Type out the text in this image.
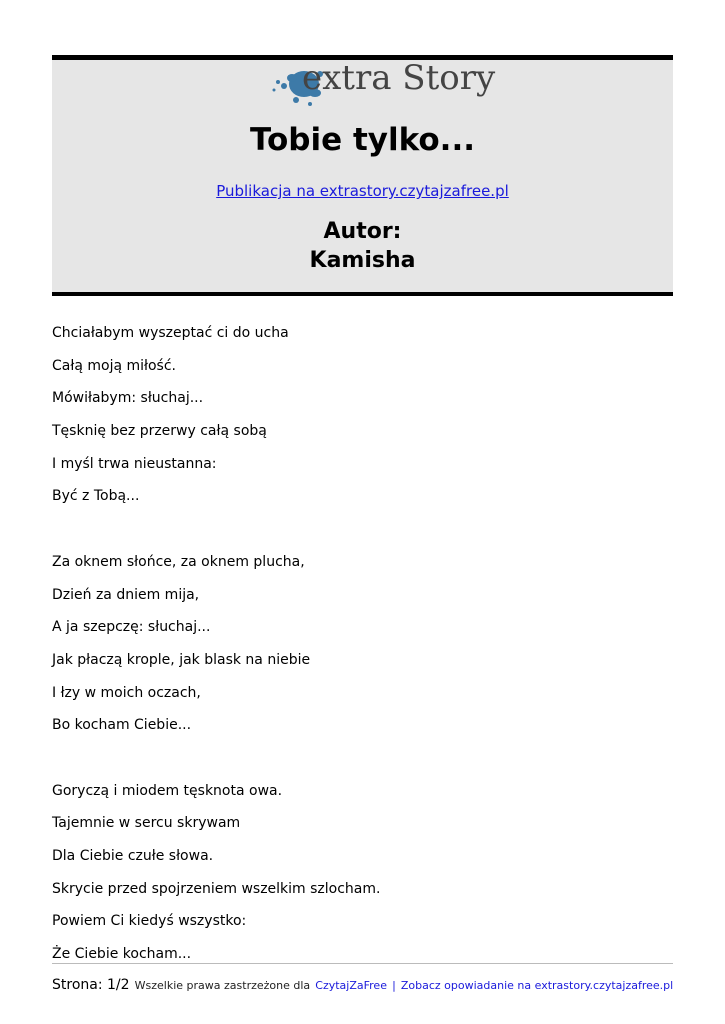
extra Story
Tobie tylko...
Publikacja na extrastory.czytajzafree.pl
Autor:
Kamisha
Chciałabym wyszeptać ci do ucha
Całą moją miłość.
Mówiłabym: słuchaj...
Tęsknię bez przerwy całą sobą
I myśl trwa nieustanna:
Być z Tobą...
Za oknem słońce, za oknem plucha,
Dzień za dniem mija,
A ja szepczę: słuchaj...
Jak płaczą krople, jak blask na niebie
I łzy w moich oczach,
Bo kocham Ciebie...
Goryczą i miodem tęsknota owa.
Tajemnie w sercu skrywam
Dla Ciebie czułe słowa.
Skrycie przed spojrzeniem wszelkim szlocham.
Powiem Ci kiedyś wszystko:
Że Ciebie kocham...
Strona: 1/2 Wszelkie prawa zastrzeżone dla CzytajZaFree | Zobacz opowiadanie na extrastory.czytajzafree.pl
